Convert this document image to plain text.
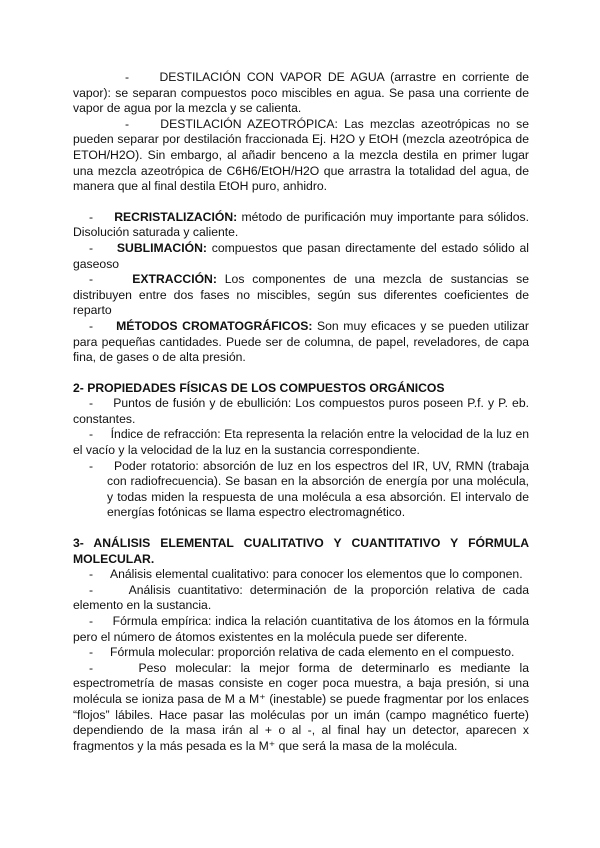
- DESTILACIÓN CON VAPOR DE AGUA (arrastre en corriente de vapor): se separan compuestos poco miscibles en agua. Se pasa una corriente de vapor de agua por la mezcla y se calienta.

-	DESTILACIÓN AZEOTRÓPICA: Las mezclas azeotrópicas no se pueden separar por destilación fraccionada Ej. H2O y EtOH (mezcla azeotrópica de ETOH/H2O). Sin embargo, al añadir benceno a la mezcla destila en primer lugar una mezcla azeotrópica de C6H6/EtOH/H2O que arrastra la totalidad del agua, de manera que al final destila EtOH puro, anhidro.

- RECRISTALIZACIÓN: método de purificación muy importante para sólidos. Disolución saturada y caliente.

- SUBLIMACIÓN: compuestos que pasan directamente del estado sólido al gaseoso

-	EXTRACCIÓN: Los componentes de una mezcla de sustancias se distribuyen entre dos fases no miscibles, según sus diferentes coeficientes de reparto

- MÉTODOS CROMATOGRÁFICOS: Son muy eficaces y se pueden utilizar para pequeñas cantidades. Puede ser de columna, de papel, reveladores, de capa fina, de gases o de alta presión.

2- PROPIEDADES FÍSICAS DE LOS COMPUESTOS ORGÁNICOS

- Puntos de fusión y de ebullición: Los compuestos puros poseen P.f. y P. eb. constantes.

- Índice de refracción: Eta representa la relación entre la velocidad de la luz en el vacío y la velocidad de la luz en la sustancia correspondiente.

- Poder rotatorio: absorción de luz en los espectros del IR, UV, RMN (trabaja con radiofrecuencia). Se basan en la absorción de energía por una molécula, y todas miden la respuesta de una molécula a esa absorción. El intervalo de energías fotónicas se llama espectro electromagnético.

3- ANÁLISIS ELEMENTAL CUALITATIVO Y CUANTITATIVO Y FÓRMULA MOLECULAR.

- Análisis elemental cualitativo: para conocer los elementos que lo componen.

-	Análisis cuantitativo: determinación de la proporción relativa de cada elemento en la sustancia.

- Fórmula empírica: indica la relación cuantitativa de los átomos en la fórmula pero el número de átomos existentes en la molécula puede ser diferente.

- Fórmula molecular: proporción relativa de cada elemento en el compuesto.

-	Peso molecular: la mejor forma de determinarlo es mediante la espectrometría de masas consiste en coger poca muestra, a baja presión, si una molécula se ioniza pasa de M a M⁺ (inestable) se puede fragmentar por los enlaces “flojos” lábiles. Hace pasar las moléculas por un imán (campo magnético fuerte) dependiendo de la masa irán al + o al -, al final hay un detector, aparecen x fragmentos y la más pesada es la M⁺ que será la masa de la molécula.
